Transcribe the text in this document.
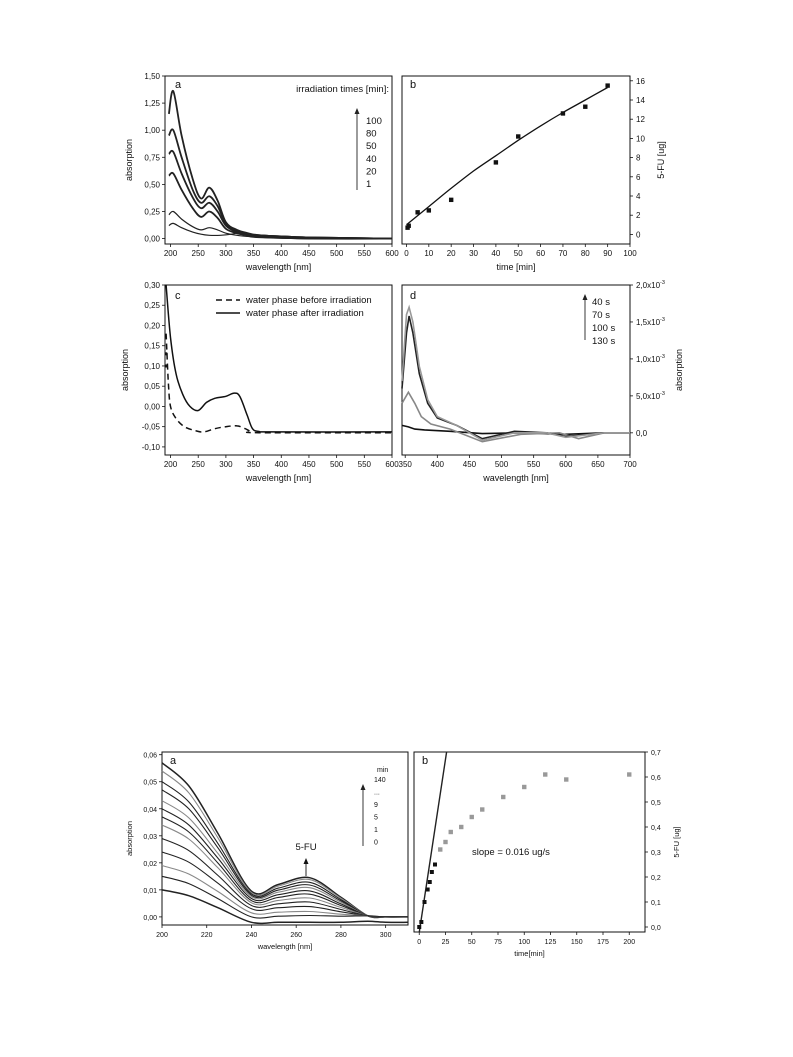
200 250 300 350 400 450 500 550 600
0,00
0,25
0,50
0,75
1,00
1,25
1,50
wavelength [nm]
absorption
a	irradiation times [min]:
100
80
50
40
20
1
0 10 20 30 40 50 60 70 80 90 100
0
2
4
6
8
10
12
14
16
time [min]
5-FU [ug]
b
200 250 300 350 400 450 500 550 600
-0,10
-0,05
0,00
0,05
0,10
0,15
0,20
0,25
0,30
wavelength [nm]
absorption
c	water phase before irradiation
water phase after irradiation
350 400 450 500 550 600 650 700
0,0
$5,0x10^{-3}$
$1,0x10^{-3}$
$1,5x10^{-3}$
$2,0x10^{-3}$
wavelength [nm]
absorption
d
40 s
70 s
100 s
130 s
200	220	240	260	280	300
0,00
0,01
0,02
0,03
0,04
0,05
0,06
wavelength [nm]
absorption
a
5-FU
min
140
...
9
5
1
0
0	25	50	75 100 125 150 175 200
0,0
0,1
0,2
0,3
0,4
0,5
0,6
0,7
time[min]
5-FU [ug]
b
slope = 0.016 ug/s
